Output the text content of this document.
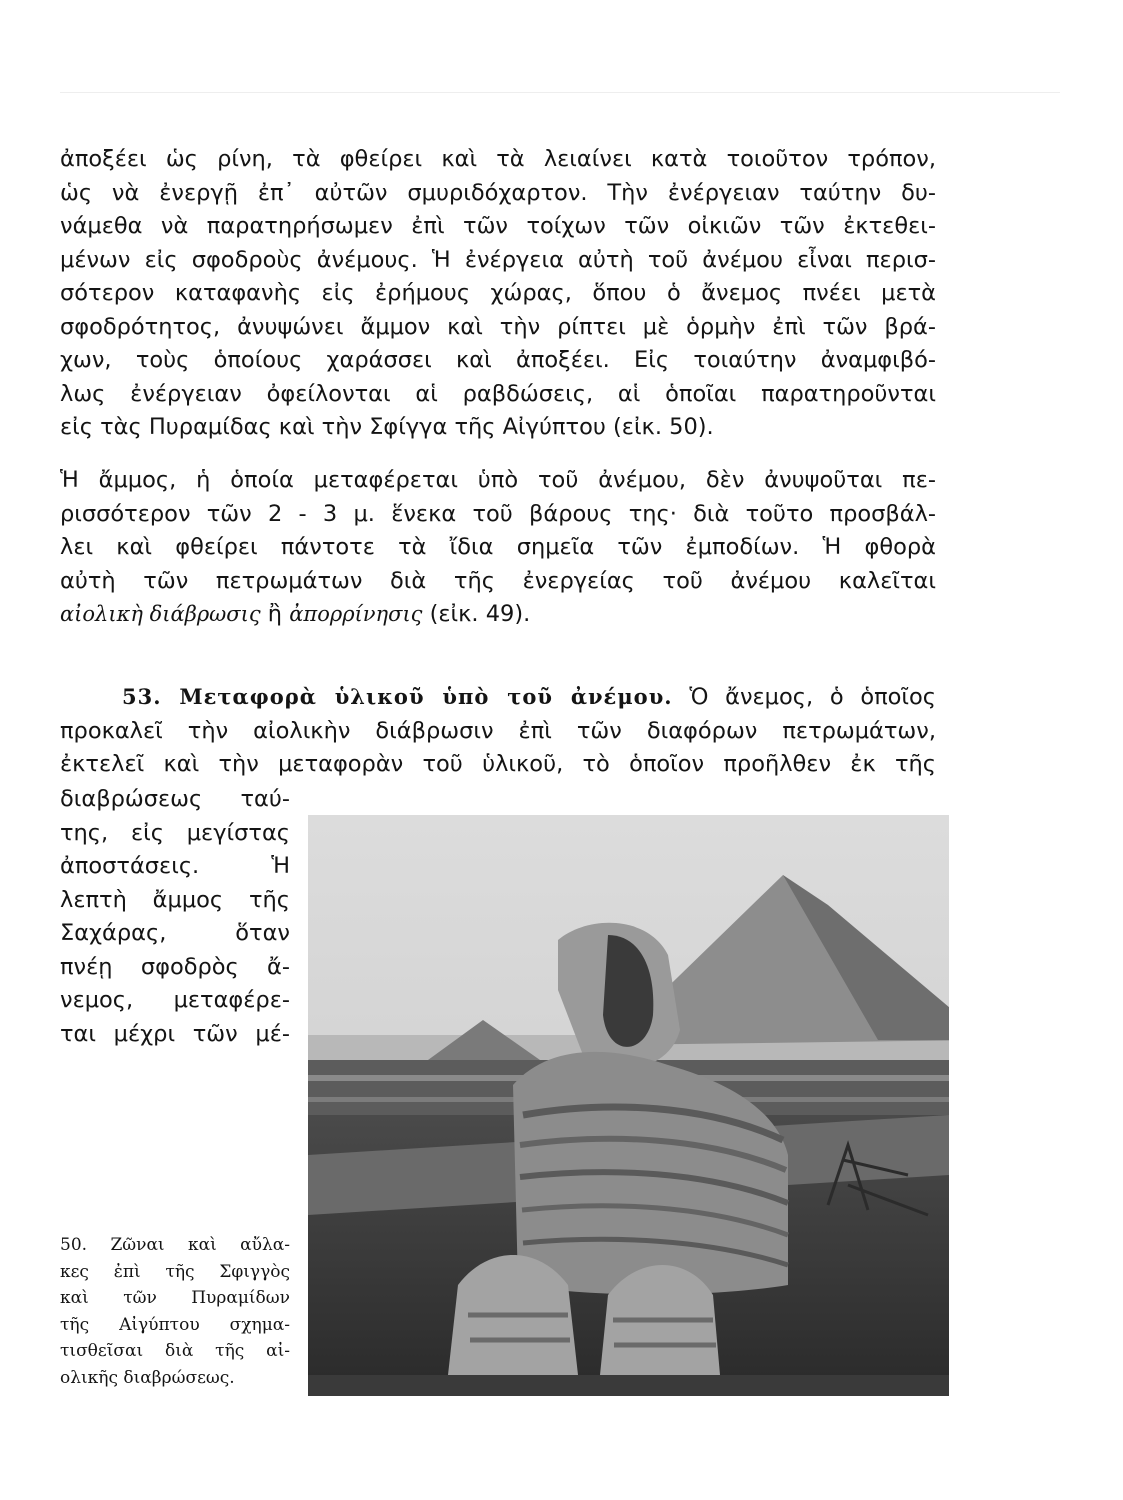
ἀποξέει ὡς ρίνη, τὰ φθείρει καὶ τὰ λειαίνει κατὰ τοιοῦτον τρόπον,
ὡς νὰ ἐνεργῇ ἐπ᾽ αὐτῶν σμυριδόχαρτον. Τὴν ἐνέργειαν ταύτην δυ-
νάμεθα νὰ παρατηρήσωμεν ἐπὶ τῶν τοίχων τῶν οἰκιῶν τῶν ἐκτεθει-
μένων εἰς σφοδροὺς ἀνέμους. Ἡ ἐνέργεια αὐτὴ τοῦ ἀνέμου εἶναι περισ-
σότερον καταφανὴς εἰς ἐρήμους χώρας, ὅπου ὁ ἄνεμος πνέει μετὰ
σφοδρότητος, ἀνυψώνει ἄμμον καὶ τὴν ρίπτει μὲ ὁρμὴν ἐπὶ τῶν βρά-
χων, τοὺς ὁποίους χαράσσει καὶ ἀποξέει. Εἰς τοιαύτην ἀναμφιβό-
λως ἐνέργειαν ὀφείλονται αἱ ραβδώσεις, αἱ ὁποῖαι παρατηροῦνται
εἰς τὰς Πυραμίδας καὶ τὴν Σφίγγα τῆς Αἰγύπτου (εἰκ. 50).
Ἡ ἄμμος, ἡ ὁποία μεταφέρεται ὑπὸ τοῦ ἀνέμου, δὲν ἀνυψοῦται πε-
ρισσότερον τῶν 2 - 3 μ. ἕνεκα τοῦ βάρους της· διὰ τοῦτο προσβάλ-
λει καὶ φθείρει πάντοτε τὰ ἴδια σημεῖα τῶν ἐμποδίων. Ἡ φθορὰ
αὐτὴ τῶν πετρωμάτων διὰ τῆς ἐνεργείας τοῦ ἀνέμου καλεῖται
αἰολικὴ διάβρωσις ἢ ἀπορρίνησις (εἰκ. 49).
53. Μεταφορὰ ὑλικοῦ ὑπὸ τοῦ ἀνέμου. Ὁ ἄνεμος, ὁ ὁποῖος
προκαλεῖ τὴν αἰολικὴν διάβρωσιν ἐπὶ τῶν διαφόρων πετρωμάτων,
ἐκτελεῖ καὶ τὴν μεταφορὰν τοῦ ὑλικοῦ, τὸ ὁποῖον προῆλθεν ἐκ τῆς
διαβρώσεως ταύ-
της, εἰς μεγίστας
ἀποστάσεις. Ἡ
λεπτὴ ἄμμος τῆς
Σαχάρας, ὅταν
πνέῃ σφοδρὸς ἄ-
νεμος, μεταφέρε-
ται μέχρι τῶν μέ-
50. Ζῶναι καὶ αὔλα-
κες ἐπὶ τῆς Σφιγγὸς
καὶ τῶν Πυραμίδων
τῆς Αἰγύπτου σχημα-
τισθεῖσαι διὰ τῆς αἰ-
ολικῆς διαβρώσεως.
